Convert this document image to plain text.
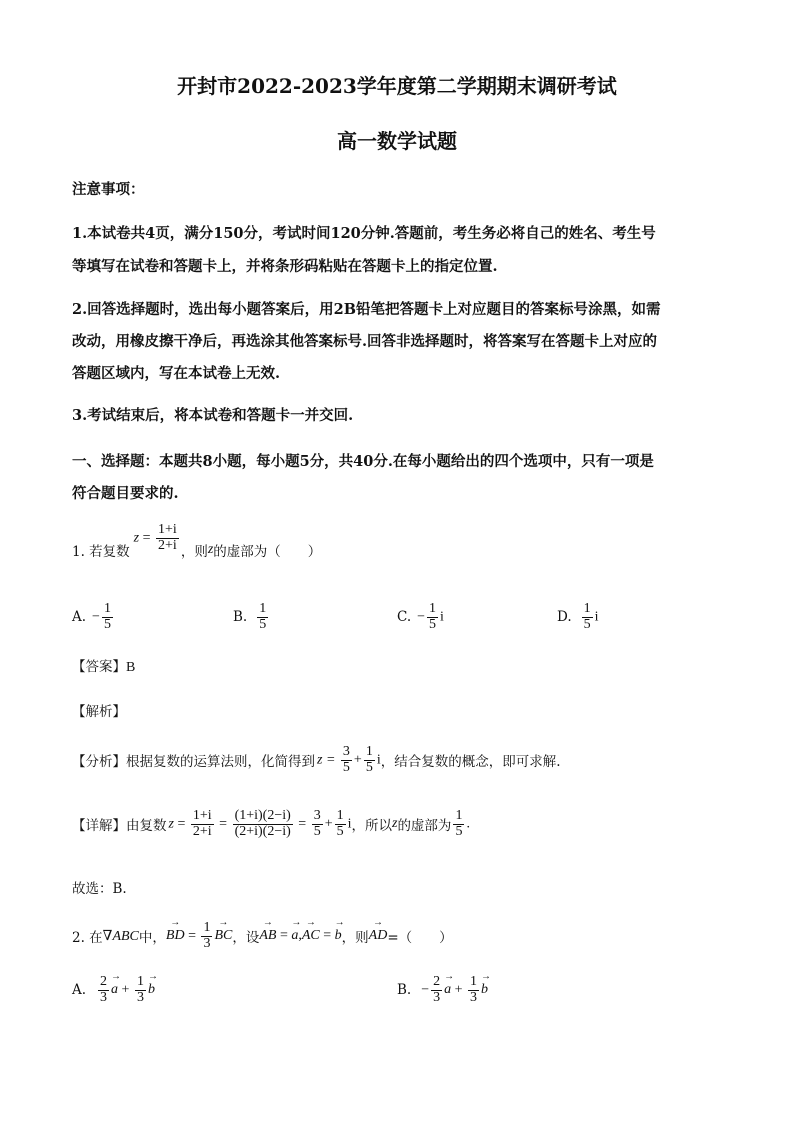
开封市2022-2023学年度第二学期期末调研考试
高一数学试题
注意事项：
1.本试卷共4页，满分150分，考试时间120分钟.答题前，考生务必将自己的姓名、考生号
等填写在试卷和答题卡上，并将条形码粘贴在答题卡上的指定位置.
2.回答选择题时，选出每小题答案后，用2B铅笔把答题卡上对应题目的答案标号涂黑，如需
改动，用橡皮擦干净后，再选涂其他答案标号.回答非选择题时，将答案写在答题卡上对应的
答题区域内，写在本试卷上无效.
3.考试结束后，将本试卷和答题卡一并交回.
一、选择题：本题共8小题，每小题5分，共40分.在每小题给出的四个选项中，只有一项是
符合题目要求的.
1. 若复数
$z = \frac{1+i}{2+i}$ ，则 z 的虚部为（　　）
A. − $\frac{1}{5}$	B. $\frac{1}{5}$	C. − $\frac{1}{5}$ i	D. $\frac{1}{5}$ i
【答案】B
【解析】
【分析】 根据复数的运算法则，化简得到 $z = \frac{3}{5} + \frac{1}{5}$ i ，结合复数的概念，即可求解.
【详解】 由复数 $z = \frac{1+i}{2+i} = \frac{(1+i)(2-i)}{(2+i)(2-i)} = \frac{3}{5} + \frac{1}{5}$ i ，所以 z 的虚部为 $\frac{1}{5}$ .
故选：B.
2. 在 ∇ABC 中，
→ BD = $\frac{1}{3}$
→ BC ，设
→ AB = → a,→ AC = → b ，则
→ AD =（　　）
A. $\frac{2}{3}$
→ $a + \frac{1}{3}$
→ b	B. − $\frac{2}{3}$
→ $a + \frac{1}{3}$
→ b
